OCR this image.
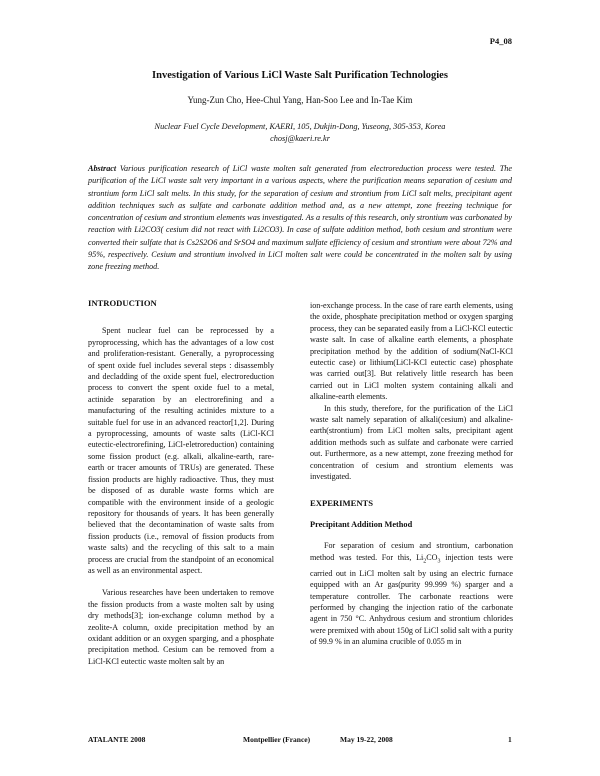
P4_08
Investigation of Various LiCl Waste Salt Purification Technologies
Yung-Zun Cho, Hee-Chul Yang, Han-Soo Lee and In-Tae Kim
Nuclear Fuel Cycle Development, KAERI, 105, Dukjin-Dong, Yuseong, 305-353, Korea
chosj@kaeri.re.kr
Abstract Various purification research of LiCl waste molten salt generated from electroreduction process were tested. The purification of the LiCl waste salt very important in a various aspects, where the purification means separation of cesium and strontium form LiCl salt melts. In this study, for the separation of cesium and strontium from LiCl salt melts, precipitant agent addition techniques such as sulfate and carbonate addition method and, as a new attempt, zone freezing technique for concentration of cesium and strontium elements was investigated. As a results of this research, only strontium was carbonated by reaction with Li2CO3( cesium did not react with Li2CO3). In case of sulfate addition method, both cesium and strontium were converted their sulfate that is Cs2S2O6 and SrSO4 and maximum sulfate efficiency of cesium and strontium were about 72% and 95%, respectively. Cesium and strontium involved in LiCl molten salt were could be concentrated in the molten salt by using zone freezing method.

INTRODUCTION

Spent nuclear fuel can be reprocessed by a pyroprocessing, which has the advantages of a low cost and proliferation-resistant. Generally, a pyroprocessing of spent oxide fuel includes several steps : disassembly and decladding of the oxide spent fuel, electroreduction process to convert the spent oxide fuel to a metal, actinide separation by an electrorefining and a manufacturing of the resulting actinides mixture to a suitable fuel for use in an advanced reactor[1,2]. During a pyroprocessing, amounts of waste salts (LiCl-KCl eutectic-electrorefining, LiCl-eletroreduction) containing some fission product (e.g. alkali, alkaline-earth, rare-earth or tracer amounts of TRUs) are generated. These fission products are highly radioactive. Thus, they must be disposed of as durable waste forms which are compatible with the environment inside of a geologic repository for thousands of years. It has been generally believed that the decontamination of waste salts from fission products (i.e., removal of fission products from waste salts) and the recycling of this salt to a main process are crucial from the standpoint of an economical as well as an environmental aspect.

Various researches have been undertaken to remove the fission products from a waste molten salt by using dry methods[3]; ion-exchange column method by a zeolite-A column, oxide precipitation method by an oxidant addition or an oxygen sparging, and a phosphate precipitation method. Cesium can be removed from a LiCl-KCl eutectic waste molten salt by an

ion-exchange process. In the case of rare earth elements, using the oxide, phosphate precipitation method or oxygen sparging process, they can be separated easily from a LiCl-KCl eutectic waste salt. In case of alkaline earth elements, a phosphate precipitation method by the addition of sodium(NaCl-KCl eutectic case) or lithium(LiCl-KCl eutectic case) phosphate was carried out[3]. But relatively little research has been carried out in LiCl molten system containing alkali and alkaline-earth elements.

In this study, therefore, for the purification of the LiCl waste salt namely separation of alkali(cesium) and alkaline-earth(strontium) from LiCl molten salts, precipitant agent addition methods such as sulfate and carbonate were carried out. Furthermore, as a new attempt, zone freezing method for concentration of cesium and strontium elements was investigated.

EXPERIMENTS

Precipitant Addition Method

For separation of cesium and strontium, carbonation method was tested. For this, $Li_2CO_3$ injection tests were carried out in LiCl molten salt by using an electric furnace equipped with an Ar gas(purity 99.999 %) sparger and a temperature controller. The carbonate reactions were performed by changing the injection ratio of the carbonate agent in 750 °C. Anhydrous cesium and strontium chlorides were premixed with about 150g of LiCl solid salt with a purity of 99.9 % in an alumina crucible of 0.055 m in

ATALANTE 2008	Montpellier (France)	May 19-22, 2008	1
